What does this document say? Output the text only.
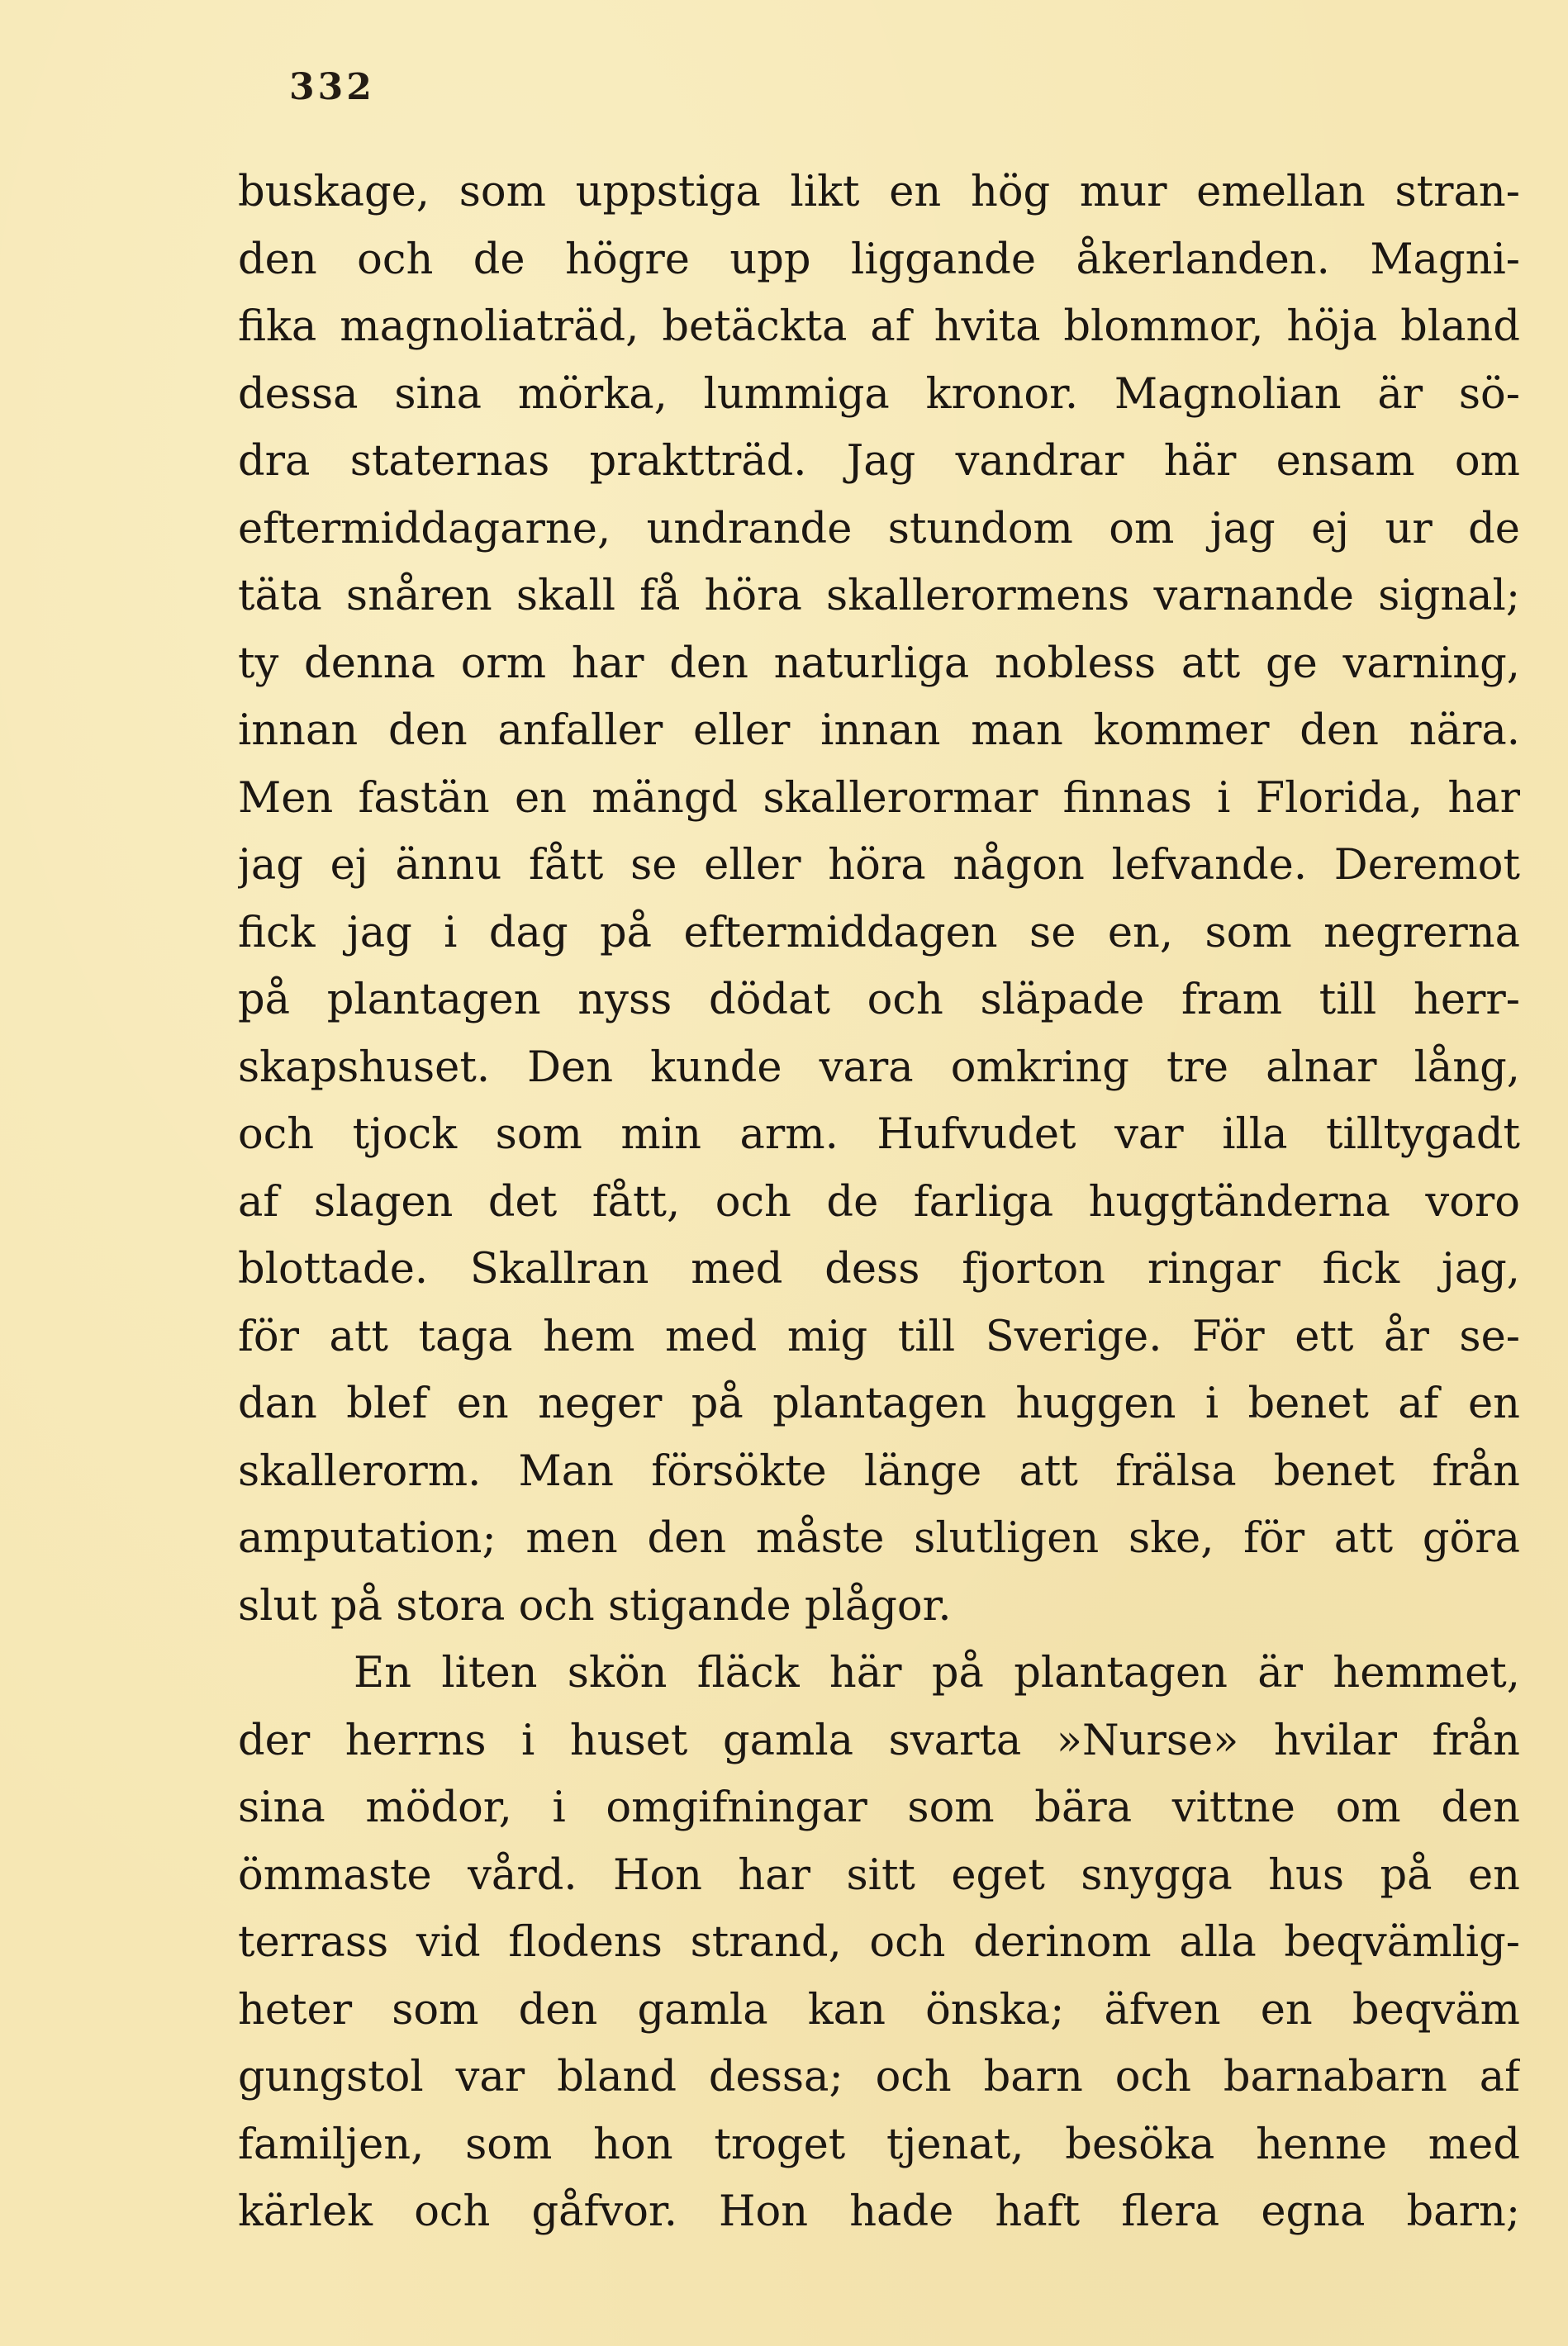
332
buskage, som uppstiga likt en hög mur emellan stran-
den och de högre upp liggande åkerlanden. Magni-
fika magnoliaträd, betäckta af hvita blommor, höja bland
dessa sina mörka, lummiga kronor. Magnolian är sö-
dra staternas praktträd. Jag vandrar här ensam om
eftermiddagarne, undrande stundom om jag ej ur de
täta snåren skall få höra skallerormens varnande signal;
ty denna orm har den naturliga nobless att ge varning,
innan den anfaller eller innan man kommer den nära.
Men fastän en mängd skallerormar finnas i Florida, har
jag ej ännu fått se eller höra någon lefvande. Deremot
fick jag i dag på eftermiddagen se en, som negrerna
på plantagen nyss dödat och släpade fram till herr-
skapshuset. Den kunde vara omkring tre alnar lång,
och tjock som min arm. Hufvudet var illa tilltygadt
af slagen det fått, och de farliga huggtänderna voro
blottade. Skallran med dess fjorton ringar fick jag,
för att taga hem med mig till Sverige. För ett år se-
dan blef en neger på plantagen huggen i benet af en
skallerorm. Man försökte länge att frälsa benet från
amputation; men den måste slutligen ske, för att göra
slut på stora och stigande plågor.
En liten skön fläck här på plantagen är hemmet,
der herrns i huset gamla svarta »Nurse» hvilar från
sina mödor, i omgifningar som bära vittne om den
ömmaste vård. Hon har sitt eget snygga hus på en
terrass vid flodens strand, och derinom alla beqvämlig-
heter som den gamla kan önska; äfven en beqväm
gungstol var bland dessa; och barn och barnabarn af
familjen, som hon troget tjenat, besöka henne med
kärlek och gåfvor. Hon hade haft flera egna barn;
